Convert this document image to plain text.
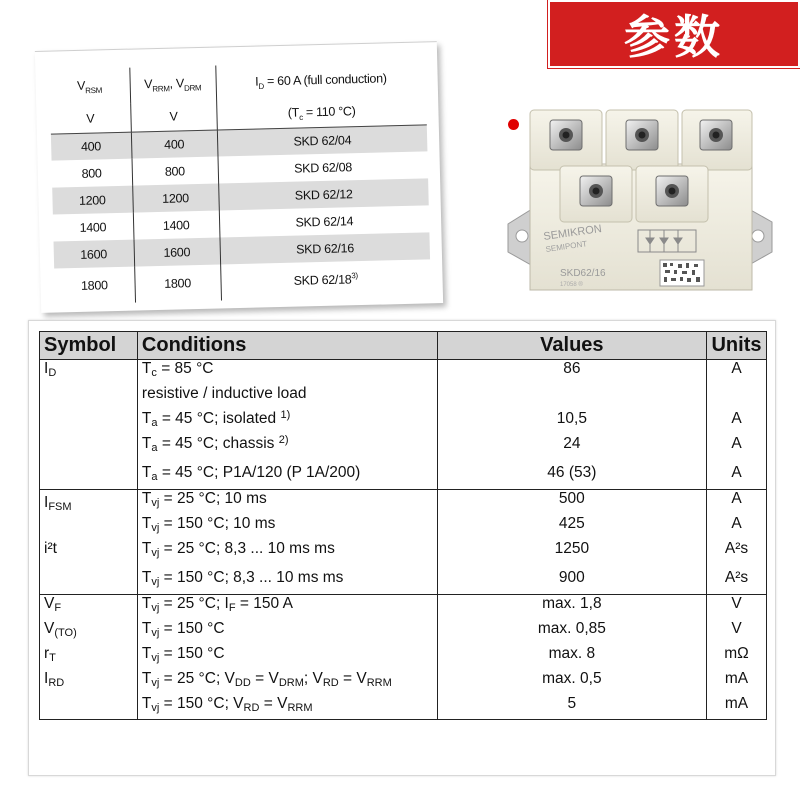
参数
$V_{RSM}$	$V_{RRM}$, $V_{DRM}$	$I_D = 60$ A (full conduction)
V	V	($T_c = 110$ °C)
400	400	SKD 62/04
800	800	SKD 62/08
1200	1200	SKD 62/12
1400	1400	SKD 62/14
1600	1600	SKD 62/16
1800	1800	SKD 62/18$^{3)}$
SEMIKRON
SEMIPONT
SKD62/16
17058 ®
Symbol	Conditions	Values	Units
$I_D$	$T_c = 85$ °C	86	A
	resistive / inductive load		
	$T_a = 45$ °C; isolated $^{1)}$	10,5	A
	$T_a = 45$ °C; chassis $^{2)}$	24	A
	$T_a = 45$ °C; P1A/120 (P 1A/200)	46 (53)	A
$I_{FSM}$	$T_{vj} = 25$ °C; 10 ms	500	A
	$T_{vj} = 150$ °C; 10 ms	425	A
i²t	$T_{vj} = 25$ °C; 8,3 ... 10 ms ms	1250	A²s
	$T_{vj} = 150$ °C; 8,3 ... 10 ms ms	900	A²s
$V_F$	$T_{vj} = 25$ °C; $I_F = 150$ A	max. 1,8	V
$V_{(TO)}$	$T_{vj} = 150$ °C	max. 0,85	V
$r_T$	$T_{vj} = 150$ °C	max. 8	mΩ
$I_{RD}$	$T_{vj} = 25$ °C; $V_{DD} = V_{DRM}$; $V_{RD} = V_{RRM}$	max. 0,5	mA
	$T_{vj} = 150$ °C; $V_{RD} = V_{RRM}$	5	mA
